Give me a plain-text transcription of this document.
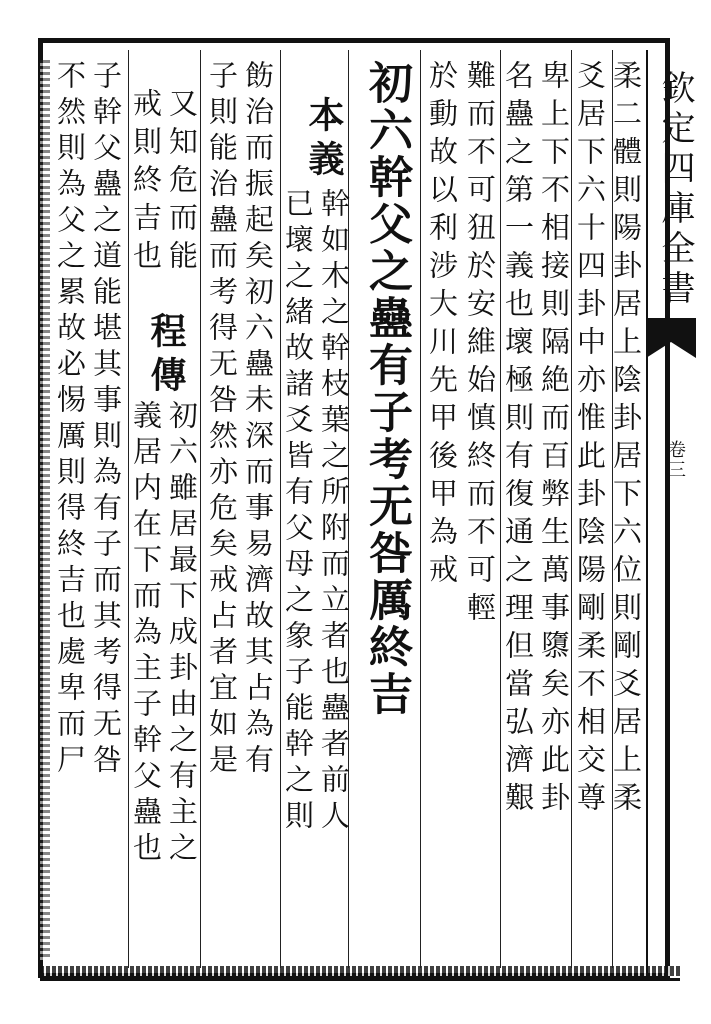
欽定四庫全書
卷三
柔二體則陽卦居上陰卦居下六位則剛爻居上柔
爻居下六十四卦中亦惟此卦陰陽剛柔不相交尊
卑上下不相接則隔絶而百弊生萬事隳矣亦此卦
名蠱之第一義也壞極則有復通之理但當弘濟艱
難而不可狃於安維始慎終而不可輕
於動故以利涉大川先甲後甲為戒
初六幹父之蠱有子考无咎厲終吉
本義
幹如木之幹枝葉之所附而立者也蠱者前人
已壞之緒故諸爻皆有父母之象子能幹之則
飭治而振起矣初六蠱未深而事易濟故其占為有
子則能治蠱而考得无咎然亦危矣戒占者宜如是
又知危而能
程傳
初六雖居最下成卦由之有主之
戒則終吉也
義居内在下而為主子幹父蠱也
子幹父蠱之道能堪其事則為有子而其考得无咎
不然則為父之累故必惕厲則得終吉也處卑而尸
